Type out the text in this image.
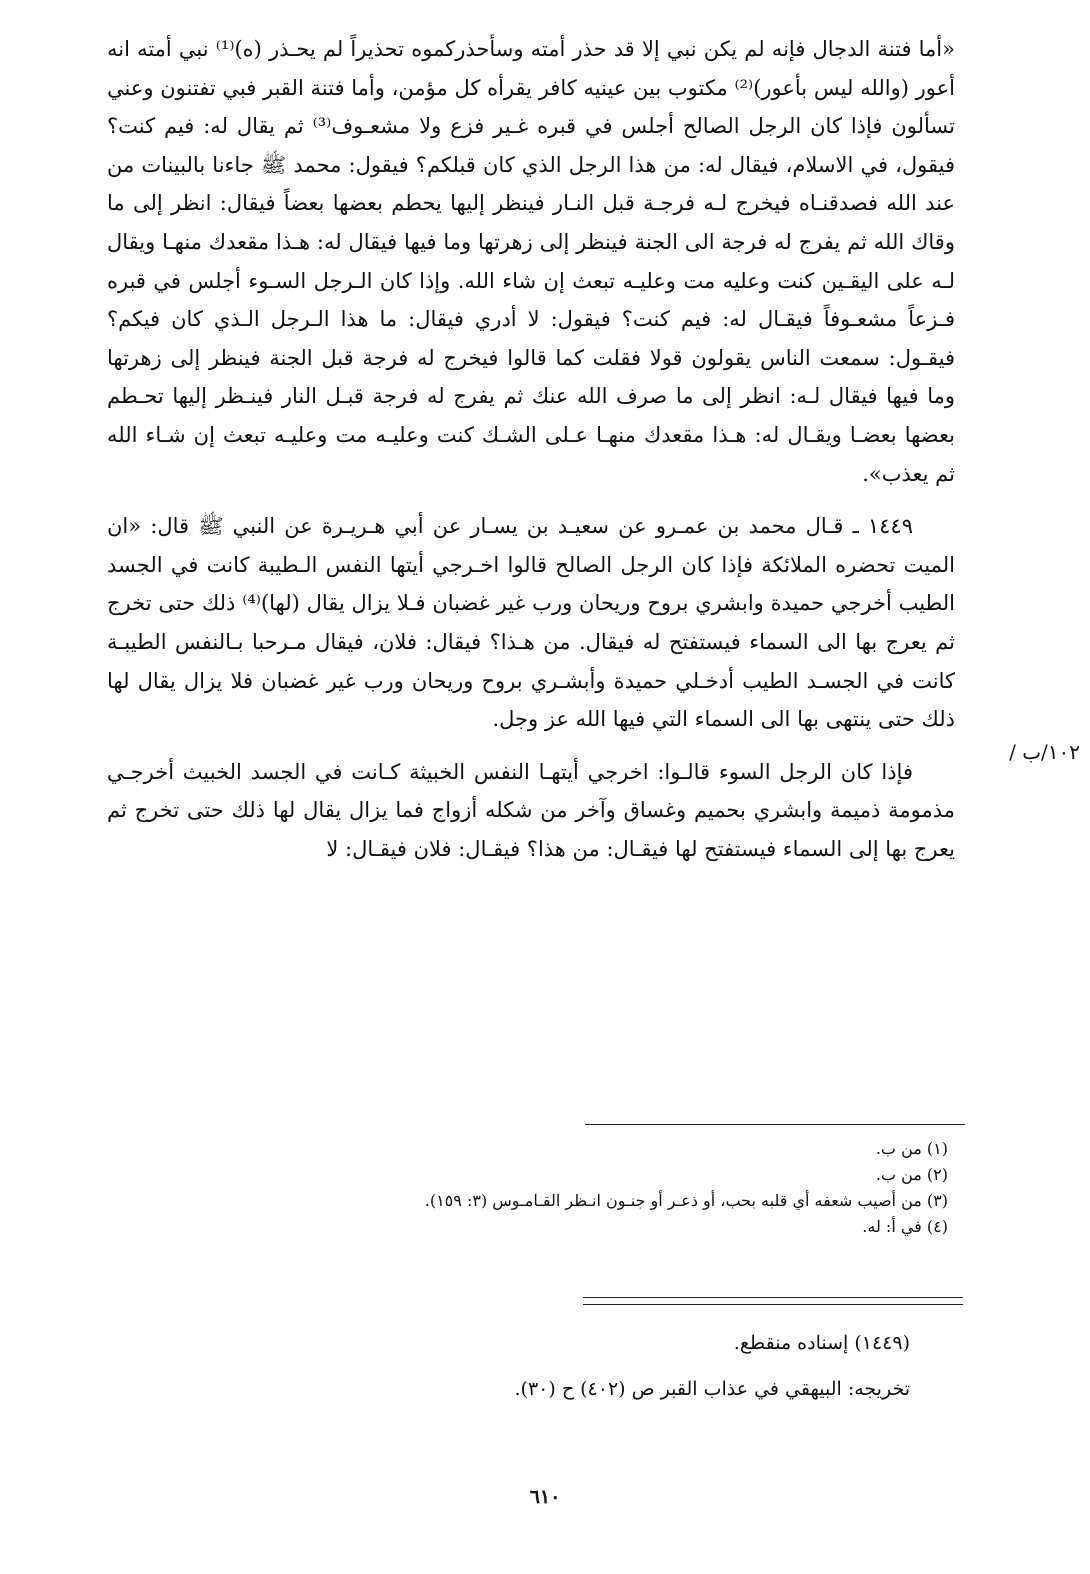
«أما فتنة الدجال فإنه لم يكن نبي إلا قد حذر أمته وسأحذركموه تحذيراً لم يحـذر (ه)⁽¹⁾ نبي أمته انه أعور (والله ليس بأعور)⁽²⁾ مكتوب بين عينيه كافر يقرأه كل مؤمن، وأما فتنة القبر فبي تفتنون وعني تسألون فإذا كان الرجل الصالح أجلس في قبره غـير فزع ولا مشعـوف⁽³⁾ ثم يقال له: فيم كنت؟ فيقول، في الاسلام، فيقال له: من هذا الرجل الذي كان قبلكم؟ فيقول: محمد ﷺ جاءنا بالبينات من عند الله فصدقنـاه فيخرج لـه فرجـة قبل النـار فينظر إليها يحطم بعضها بعضاً فيقال: انظر إلى ما وقاك الله ثم يفرج له فرجة الى الجنة فينظر إلى زهرتها وما فيها فيقال له: هـذا مقعدك منهـا ويقال لـه على اليقـين كنت وعليه مت وعليـه تبعث إن شاء الله. وإذا كان الـرجل السـوء أجلس في قبره فـزعاً مشعـوفاً فيقـال له: فيم كنت؟ فيقول: لا أدري فيقال: ما هذا الـرجل الـذي كان فيكم؟ فيقـول: سمعت الناس يقولون قولا فقلت كما قالوا فيخرج له فرجة قبل الجنة فينظر إلى زهرتها وما فيها فيقال لـه: انظر إلى ما صرف الله عنك ثم يفرج له فرجة قبـل النار فينـظر إليها تحـطم بعضها بعضـا ويقـال له: هـذا مقعدك منهـا عـلى الشـك كنت وعليـه مت وعليـه تبعث إن شـاء الله ثم يعذب».

١٤٤٩ ـ قـال محمد بن عمـرو عن سعيـد بن يسـار عن أبي هـريـرة عن النبي ﷺ قال: «ان الميت تحضره الملائكة فإذا كان الرجل الصالح قالوا اخـرجي أيتها النفس الـطيبة كانت في الجسد الطيب أخرجي حميدة وابشري بروح وريحان ورب غير غضبان فـلا يزال يقال (لها)⁽⁴⁾ ذلك حتى تخرج ثم يعرج بها الى السماء فيستفتح له فيقال. من هـذا؟ فيقال: فلان، فيقال مـرحبا بـالنفس الطيبـة كانت في الجسـد الطيب أدخـلي حميدة وأبشـري بروح وريحان ورب غير غضبان فلا يزال يقال لها ذلك حتى ينتهى بها الى السماء التي فيها الله عز وجل.

فإذا كان الرجل السوء قالـوا: اخرجي أيتهـا النفس الخبيثة كـانت في الجسد الخبيث أخرجـي مذمومة ذميمة وابشري بحميم وغساق وآخر من شكله أزواج فما يزال يقال لها ذلك حتى تخرج ثم يعرج بها إلى السماء فيستفتح لها فيقـال: من هذا؟ فيقـال: فلان فيقـال: لا

١٠٢/ب /
(١) من ب.
(٢) من ب.
(٣) من أصيب شعفه أي قلبه بحب، أو ذعـر أو جنـون انـظر القـامـوس (٣: ١٥٩).
(٤) في أ: له.
(١٤٤٩) إسناده منقطع.
تخريجه: البيهقي في عذاب القبر ص (٤٠٢) ح (٣٠).
٦١٠
